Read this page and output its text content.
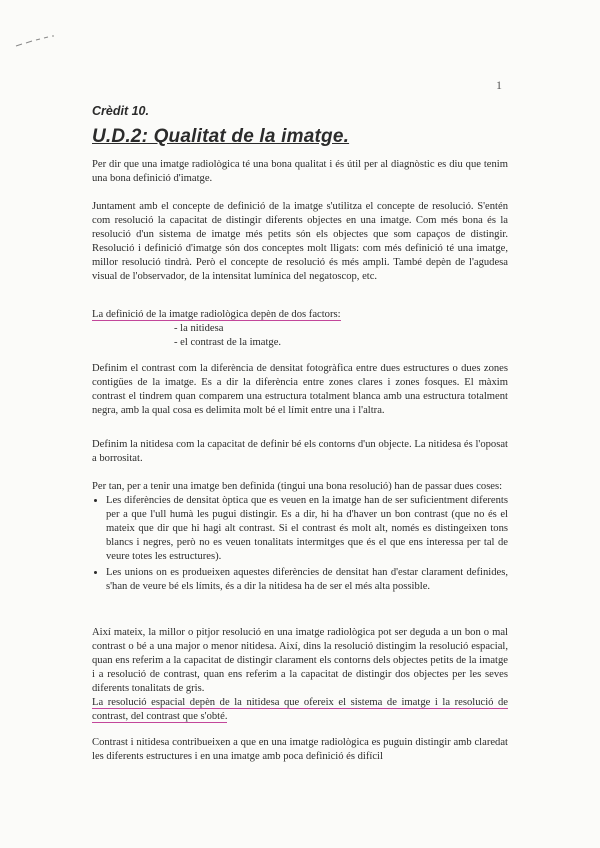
1
Crèdit 10.
U.D.2: Qualitat de la imatge.
Per dir que una imatge radiològica té una bona qualitat i és útil per al diagnòstic es diu que tenim una bona definició d'imatge.
Juntament amb el concepte de definició de la imatge s'utilitza el concepte de resolució. S'entén com resolució la capacitat de distingir diferents objectes en una imatge. Com més bona és la resolució d'un sistema de imatge més petits són els objectes que som capaços de distingir. Resolució i definició d'imatge són dos conceptes molt lligats: com més definició té una imatge, millor resolució tindrà. Però el concepte de resolució és més ampli. També depèn de l'agudesa visual de l'observador, de la intensitat lumínica del negatoscop, etc.
La definició de la imatge radiològica depèn de dos factors:
- la nitidesa
- el contrast de la imatge.
Definim el contrast com la diferència de densitat fotogràfica entre dues estructures o dues zones contigües de la imatge. Es a dir la diferència entre zones clares i zones fosques. El màxim contrast el tindrem quan comparem una estructura totalment blanca amb una estructura totalment negra, amb la qual cosa es delimita molt bé el límit entre una i l'altra.
Definim la nitidesa com la capacitat de definir bé els contorns d'un objecte. La nitidesa és l'oposat a borrositat.
Per tan, per a tenir una imatge ben definida (tingui una bona resolució) han de passar dues coses:
• Les diferències de densitat òptica que es veuen en la imatge han de ser suficientment diferents per a que l'ull humà les pugui distingir. Es a dir, hi ha d'haver un bon contrast (que no és el mateix que dir que hi hagi alt contrast. Si el contrast és molt alt, només es distingeixen tons blancs i negres, però no es veuen tonalitats intermitges que és el que ens interessa per tal de veure totes les estructures).
• Les unions on es produeixen aquestes diferències de densitat han d'estar clarament definides, s'han de veure bé els límits, és a dir la nitidesa ha de ser el més alta possible.
Així mateix, la millor o pitjor resolució en una imatge radiològica pot ser deguda a un bon o mal contrast o bé a una major o menor nitidesa. Així, dins la resolució distingim la resolució espacial, quan ens referim a la capacitat de distingir clarament els contorns dels objectes petits de la imatge i a resolució de contrast, quan ens referim a la capacitat de distingir dos objectes per les seves diferents tonalitats de gris.
La resolució espacial depèn de la nitidesa que ofereix el sistema de imatge i la resolució de contrast, del contrast que s'obté.
Contrast i nitidesa contribueixen a que en una imatge radiològica es puguin distingir amb claredat les diferents estructures i en una imatge amb poca definició és difícil
